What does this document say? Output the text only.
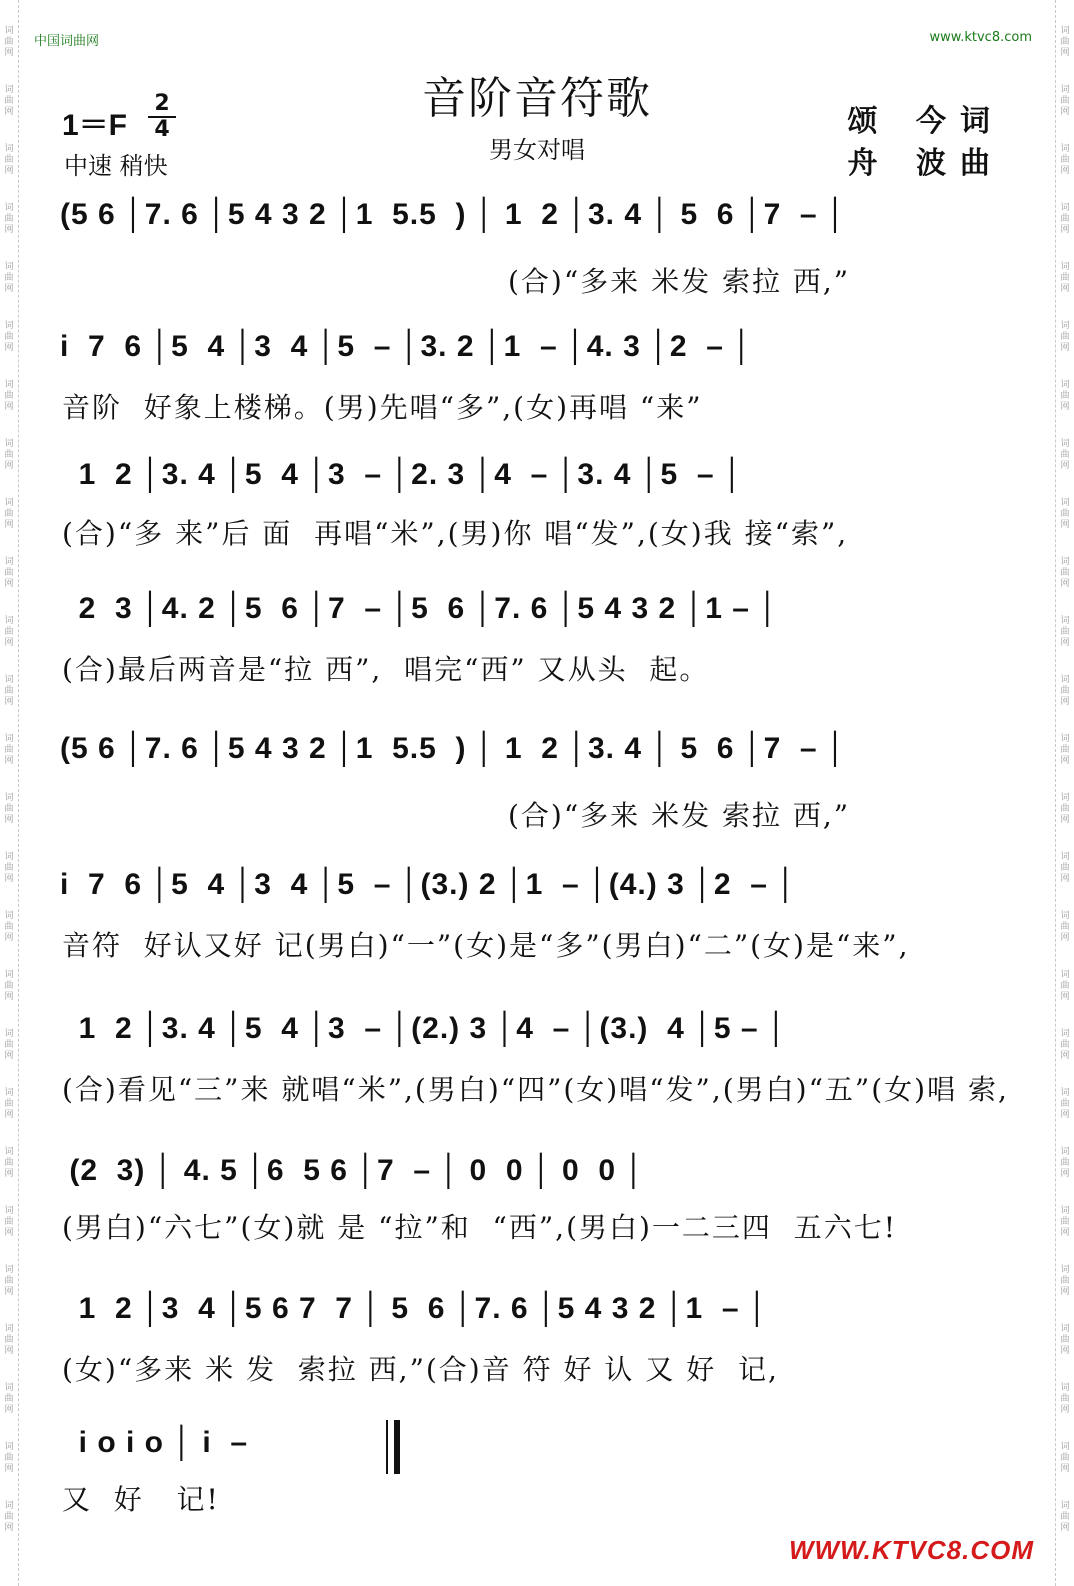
词
曲
网
词
曲
网
词
曲
网
词
曲
网
词
曲
网
词
曲
网
词
曲
网
词
曲
网
词
曲
网
词
曲
网
词
曲
网
词
曲
网
词
曲
网
词
曲
网
词
曲
网
词
曲
网
词
曲
网
词
曲
网
词
曲
网
词
曲
网
词
曲
网
词
曲
网
词
曲
网
词
曲
网
词
曲
网
词
曲
网
词
曲
网
词
曲
网
词
曲
网
词
曲
网
词
曲
网
词
曲
网
词
曲
网
词
曲
网
词
曲
网
词
曲
网
词
曲
网
词
曲
网
词
曲
网
词
曲
网
词
曲
网
词
曲
网
词
曲
网
词
曲
网
词
曲
网
词
曲
网
词
曲
网
词
曲
网
词
曲
网
词
曲
网
词
曲
网
词
曲
网
中国词曲网	www.ktvc8.com
音阶音符歌
男女对唱
1＝F
2
4
中速 稍快
颂 今词
舟 波曲
(5 6 │7. 6 │5 4 3 2 │1  5.5  ) │ 1  2 │3. 4 │ 5  6 │7  – │
(合)“多来 米发 索拉 西,”
i  7  6 │5  4 │3  4 │5  – │3. 2 │1  – │4. 3 │2  – │
音阶  好象上楼梯。(男)先唱“多”,(女)再唱 “来”
1  2 │3. 4 │5  4 │3  – │2. 3 │4  – │3. 4 │5  – │
(合)“多 来”后 面  再唱“米”,(男)你 唱“发”,(女)我 接“索”,
2  3 │4. 2 │5  6 │7  – │5  6 │7. 6 │5 4 3 2 │1 – │
(合)最后两音是“拉 西”,  唱完“西” 又从头  起。
(5 6 │7. 6 │5 4 3 2 │1  5.5  ) │ 1  2 │3. 4 │ 5  6 │7  – │
(合)“多来 米发 索拉 西,”
i  7  6 │5  4 │3  4 │5  – │(3.) 2 │1  – │(4.) 3 │2  – │
音符  好认又好 记(男白)“一”(女)是“多”(男白)“二”(女)是“来”,
1  2 │3. 4 │5  4 │3  – │(2.) 3 │4  – │(3.)  4 │5 – │
(合)看见“三”来 就唱“米”,(男白)“四”(女)唱“发”,(男白)“五”(女)唱 索,
(2  3) │ 4. 5 │6  5 6 │7  – │ 0  0 │ 0  0 │
(男白)“六七”(女)就 是 “拉”和  “西”,(男白)一二三四  五六七!
1  2 │3  4 │5 6 7  7 │ 5  6 │7. 6 │5 4 3 2 │1  – │
(女)“多来 米 发  索拉 西,”(合)音 符 好 认 又 好  记,
i o i o │ i  –
又  好   记!
WWW.KTVC8.COM
